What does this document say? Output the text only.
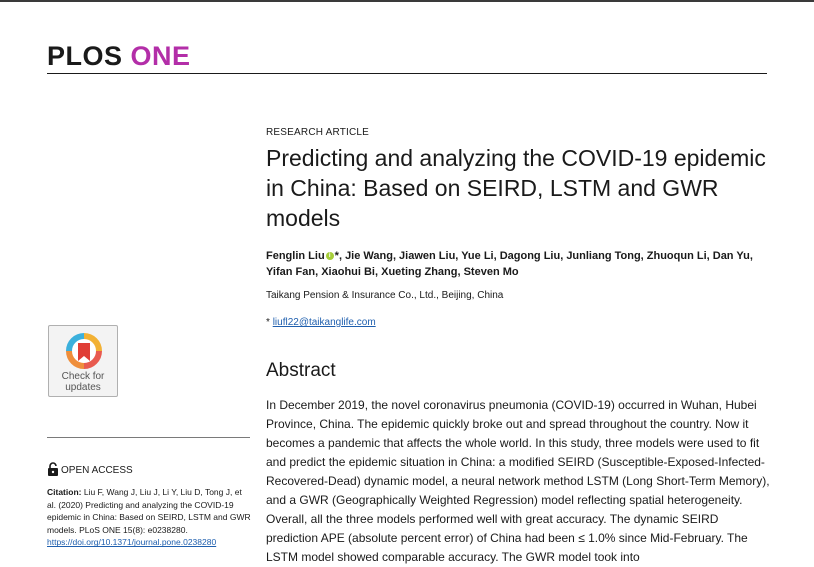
PLOS ONE
Check for updates
OPEN ACCESS
Citation: Liu F, Wang J, Liu J, Li Y, Liu D, Tong J, et al. (2020) Predicting and analyzing the COVID-19 epidemic in China: Based on SEIRD, LSTM and GWR models. PLoS ONE 15(8): e0238280. https://doi.org/10.1371/journal.pone.0238280
RESEARCH ARTICLE
Predicting and analyzing the COVID-19 epidemic in China: Based on SEIRD, LSTM and GWR models
Fenglin Liu i *, Jie Wang, Jiawen Liu, Yue Li, Dagong Liu, Junliang Tong, Zhuoqun Li, Dan Yu, Yifan Fan, Xiaohui Bi, Xueting Zhang, Steven Mo
Taikang Pension & Insurance Co., Ltd., Beijing, China
* liufl22@taikanglife.com
Abstract

In December 2019, the novel coronavirus pneumonia (COVID-19) occurred in Wuhan, Hubei Province, China. The epidemic quickly broke out and spread throughout the country. Now it becomes a pandemic that affects the whole world. In this study, three models were used to fit and predict the epidemic situation in China: a modified SEIRD (Susceptible-Exposed-Infected-Recovered-Dead) dynamic model, a neural network method LSTM (Long Short-Term Memory), and a GWR (Geographically Weighted Regression) model reflecting spatial heterogeneity. Overall, all the three models performed well with great accuracy. The dynamic SEIRD prediction APE (absolute percent error) of China had been ≤ 1.0% since Mid-February. The LSTM model showed comparable accuracy. The GWR model took into
